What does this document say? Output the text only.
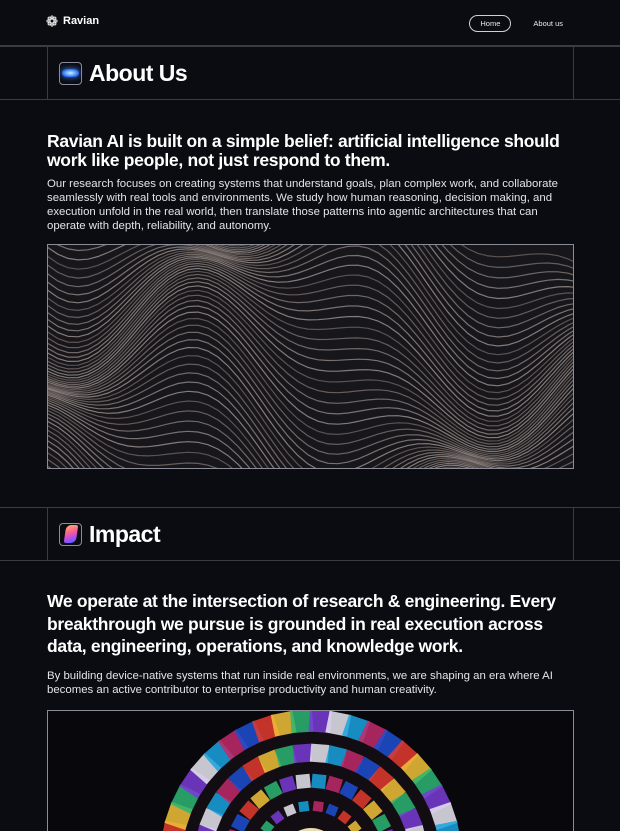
Ravian	Home	About us
About Us
Ravian AI is built on a simple belief: artificial intelligence should work like people, not just respond to them.
Our research focuses on creating systems that understand goals, plan complex work, and collaborate seamlessly with real tools and environments. We study how human reasoning, decision making, and execution unfold in the real world, then translate those patterns into agentic architectures that can operate with depth, reliability, and autonomy.
Impact
We operate at the intersection of research & engineering. Every breakthrough we pursue is grounded in real execution across data, engineering, operations, and knowledge work.
By building device-native systems that run inside real environments, we are shaping an era where AI becomes an active contributor to enterprise productivity and human creativity.
